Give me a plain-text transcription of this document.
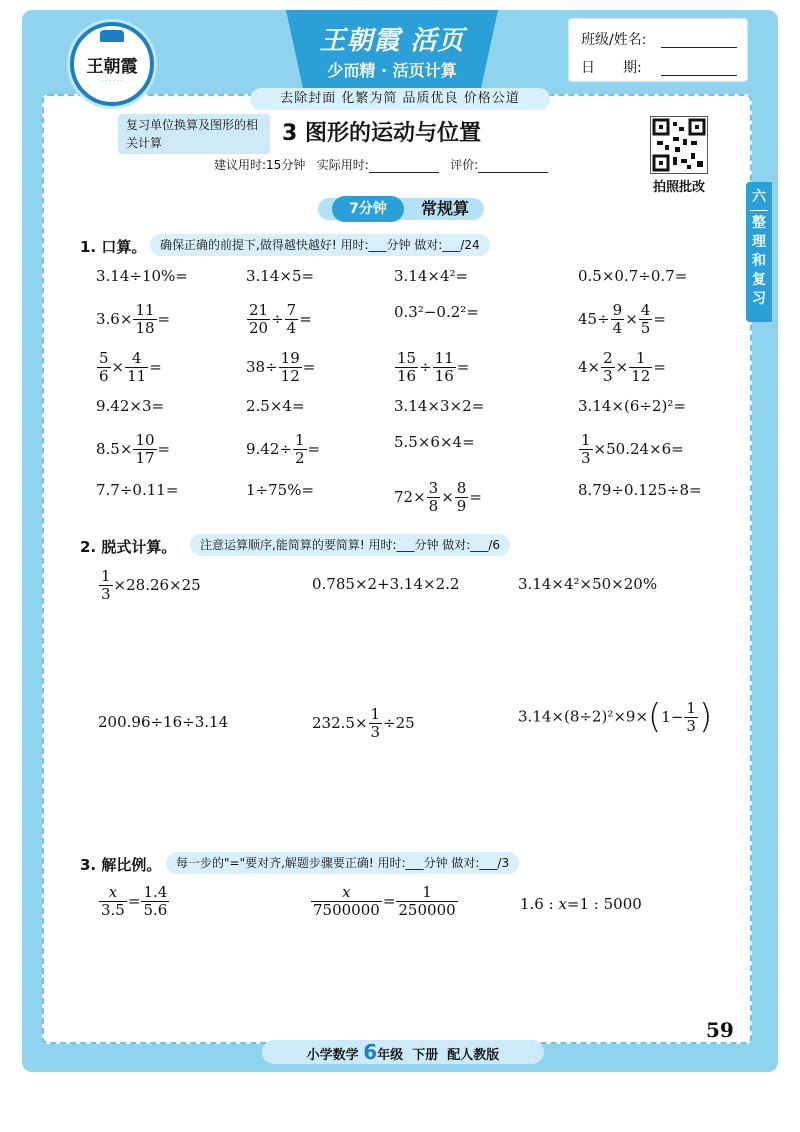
王朝霞
· · · · · ·
王朝霞 活页
少而精 · 活页计算
班级/姓名:
日　　期:
去除封面 化繁为简 品质优良 价格公道
复习单位换算及图形的相关计算	3 图形的运动与位置
建议用时:15分钟 实际用时:	评价:
拍照批改
六
整理和复习
7分钟	常规算
1. 口算。	确保正确的前提下,做得越快越好! 用时:___分钟 做对:___/24
3.14÷10%=	3.14×5=	3.14×4²=	0.5×0.7÷0.7=
$3.6\times \frac{11}{18}$ =	$\frac{21}{20} \div \frac{7}{4}$ =	0.3²−0.2²=	$45\div \frac{9}{4} \times \frac{4}{5}$ =
$\frac{5}{6} \times \frac{4}{11}$ =	$38\div \frac{19}{12}$ =	$\frac{15}{16} \div \frac{11}{16}$ =	$4\times \frac{2}{3} \times \frac{1}{12}$ =
9.42×3=	2.5×4=	3.14×3×2=	3.14×(6÷2)²=
$8.5\times \frac{10}{17}$ =	$9.42\div \frac{1}{2}$ =	5.5×6×4=	$\frac{1}{3} \times 50.24\times 6=$
7.7÷0.11=	1÷75%=	$72\times \frac{3}{8} \times \frac{8}{9}$ =	8.79÷0.125÷8=
2. 脱式计算。	注意运算顺序,能简算的要简算! 用时:___分钟 做对:___/6
$\frac{1}{3} \times 28.26\times 25$	0.785×2+3.14×2.2	3.14×4²×50×20%
200.96÷16÷3.14	$232.5\times \frac{1}{3} \div 25$	$3.14\times(8\div 2)^2\times 9\times(1- \frac{1}{3}$ )
3. 解比例。	每一步的"="要对齐,解题步骤要正确! 用时:___分钟 做对:___/3
$\frac{x}{3.5} = \frac{1.4}{5.6}$	$\frac{x}{7500000} = \frac{1}{250000}$	1.6 : x=1 : 5000
59
小学数学 6年级 下册 配人教版
